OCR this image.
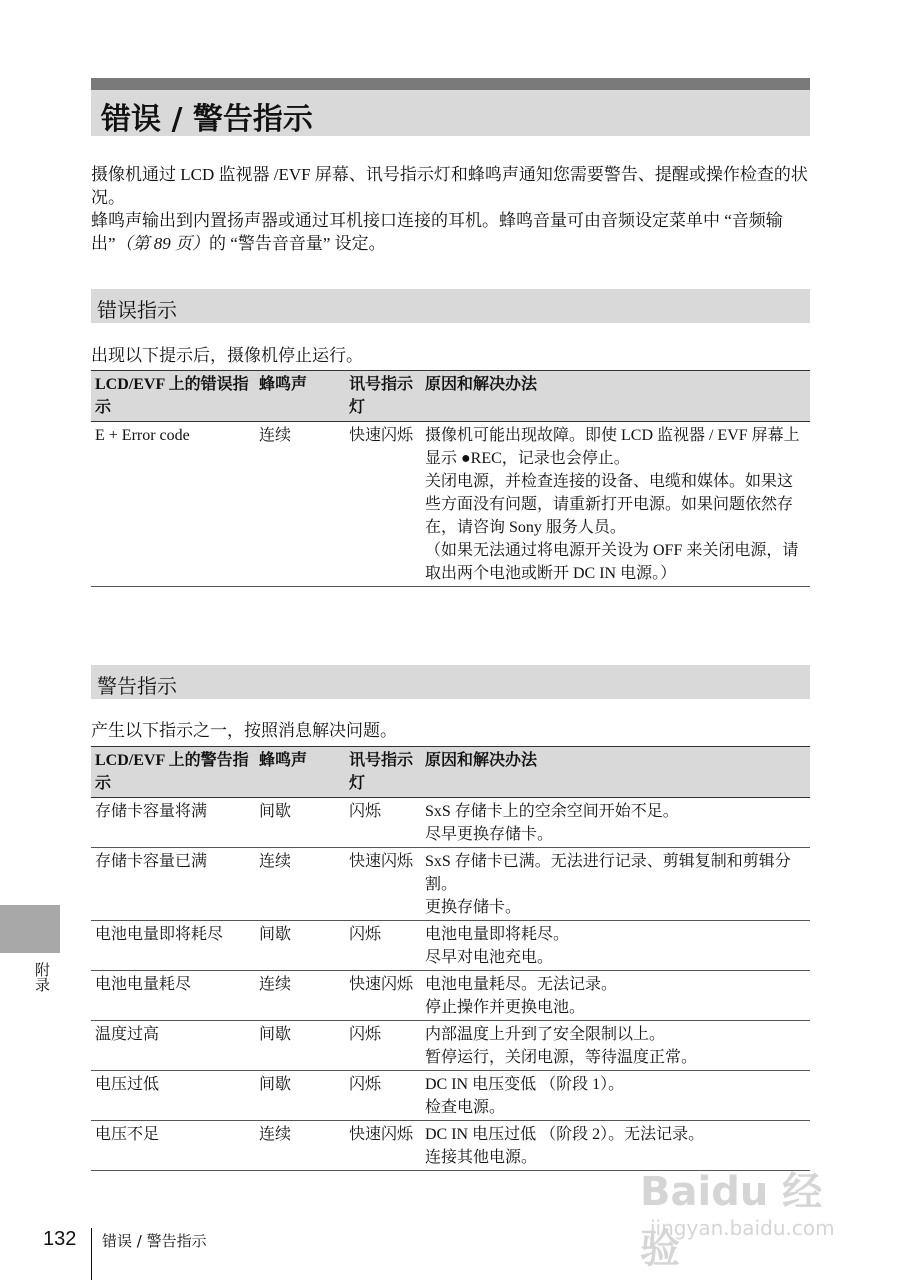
错误 / 警告指示

摄像机通过 LCD 监视器 /EVF 屏幕、讯号指示灯和蜂鸣声通知您需要警告、提醒或操作检查的状况。

蜂鸣声输出到内置扬声器或通过耳机接口连接的耳机。蜂鸣音量可由音频设定菜单中 “音频输出”（第 89 页）的 “警告音音量” 设定。

错误指示
出现以下提示后，摄像机停止运行。
LCD/EVF 上的错误指示	蜂鸣声	讯号指示灯	原因和解决办法
E + Error code	连续	快速闪烁	摄像机可能出现故障。即使 LCD 监视器 / EVF 屏幕上显示 ●REC，记录也会停止。
关闭电源，并检查连接的设备、电缆和媒体。如果这些方面没有问题，请重新打开电源。如果问题依然存在，请咨询 Sony 服务人员。
（如果无法通过将电源开关设为 OFF 来关闭电源，请取出两个电池或断开 DC IN 电源。）
警告指示
产生以下指示之一，按照消息解决问题。
LCD/EVF 上的警告指示	蜂鸣声	讯号指示灯	原因和解决办法
存储卡容量将满	间歇	闪烁	SxS 存储卡上的空余空间开始不足。
尽早更换存储卡。

存储卡容量已满	连续	快速闪烁	SxS 存储卡已满。无法进行记录、剪辑复制和剪辑分割。
更换存储卡。

电池电量即将耗尽	间歇	闪烁	电池电量即将耗尽。
尽早对电池充电。

电池电量耗尽	连续	快速闪烁	电池电量耗尽。无法记录。
停止操作并更换电池。

温度过高	间歇	闪烁	内部温度上升到了安全限制以上。
暂停运行，关闭电源，等待温度正常。

电压过低	间歇	闪烁	DC IN 电压变低 （阶段 1）。
检查电源。

电压不足	连续	快速闪烁	DC IN 电压过低 （阶段 2）。无法记录。
连接其他电源。
附录
Baidu 经验
jingyan.baidu.com
132 错误 / 警告指示
